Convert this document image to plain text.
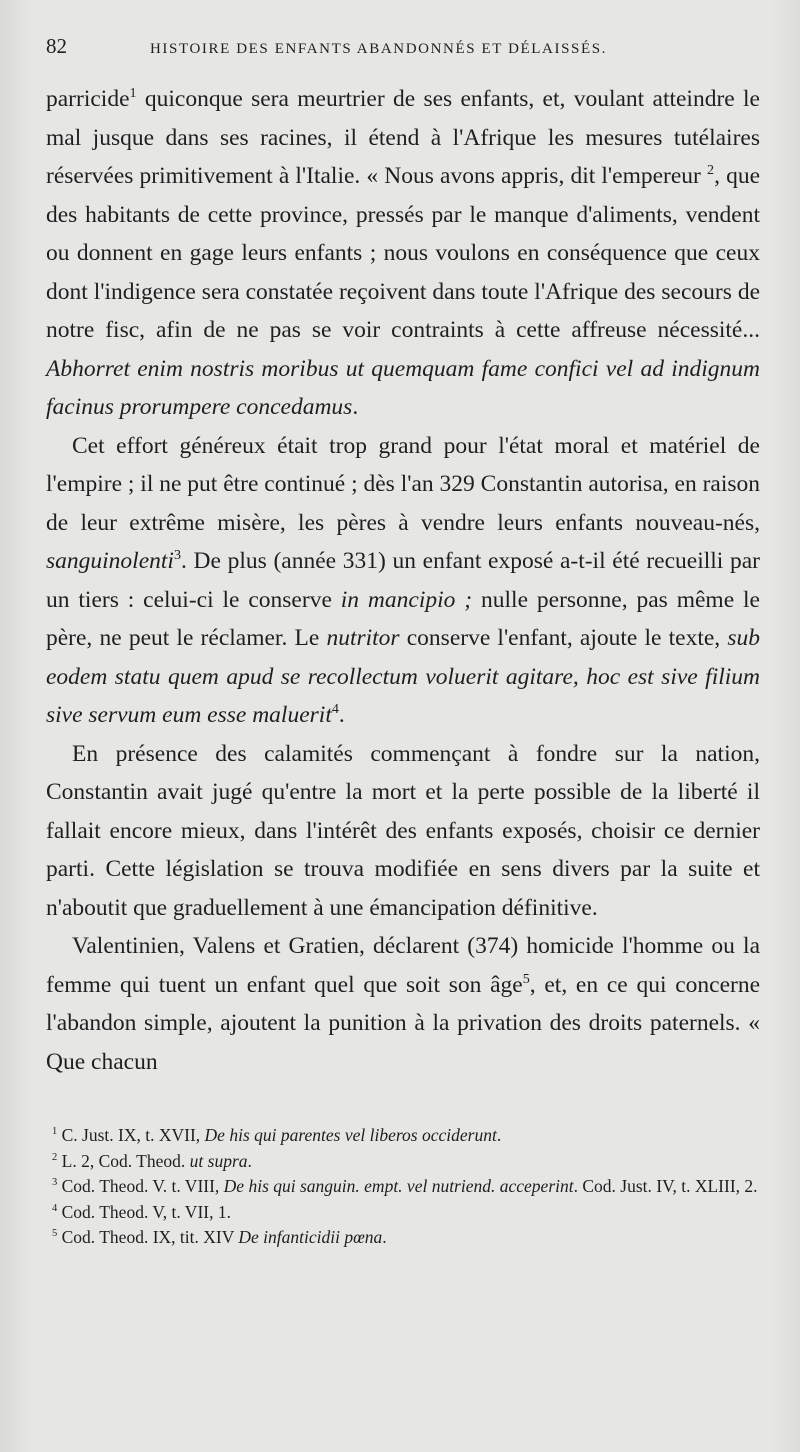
82	HISTOIRE DES ENFANTS ABANDONNÉS ET DÉLAISSÉS.

parricide$^1$ quiconque sera meurtrier de ses enfants, et, voulant atteindre le mal jusque dans ses racines, il étend à l'Afrique les mesures tutélaires réservées primitivement à l'Italie. « Nous avons appris, dit l'empereur $^2$, que des habitants de cette province, pressés par le manque d'aliments, vendent ou donnent en gage leurs enfants ; nous voulons en conséquence que ceux dont l'indigence sera constatée reçoivent dans toute l'Afrique des secours de notre fisc, afin de ne pas se voir contraints à cette affreuse nécessité... Abhorret enim nostris moribus ut quemquam fame confici vel ad indignum facinus prorumpere concedamus.

Cet effort généreux était trop grand pour l'état moral et matériel de l'empire ; il ne put être continué ; dès l'an 329 Constantin autorisa, en raison de leur extrême misère, les pères à vendre leurs enfants nouveau-nés, sanguinolenti$^3$. De plus (année 331) un enfant exposé a-t-il été recueilli par un tiers : celui-ci le conserve in mancipio ; nulle personne, pas même le père, ne peut le réclamer. Le nutritor conserve l'enfant, ajoute le texte, sub eodem statu quem apud se recollectum voluerit agitare, hoc est sive filium sive servum eum esse maluerit$^4$.

En présence des calamités commençant à fondre sur la nation, Constantin avait jugé qu'entre la mort et la perte possible de la liberté il fallait encore mieux, dans l'intérêt des enfants exposés, choisir ce dernier parti. Cette législation se trouva modifiée en sens divers par la suite et n'aboutit que graduellement à une émancipation définitive.

Valentinien, Valens et Gratien, déclarent (374) homicide l'homme ou la femme qui tuent un enfant quel que soit son âge$^5$, et, en ce qui concerne l'abandon simple, ajoutent la punition à la privation des droits paternels. « Que chacun

$^1$ C. Just. IX, t. XVII, De his qui parentes vel liberos occiderunt.

$^2$ L. 2, Cod. Theod. ut supra.

$^3$ Cod. Theod. V. t. VIII, De his qui sanguin. empt. vel nutriend. acceperint. Cod. Just. IV, t. XLIII, 2.

$^4$ Cod. Theod. V, t. VII, 1.

$^5$ Cod. Theod. IX, tit. XIV De infanticidii pœna.
